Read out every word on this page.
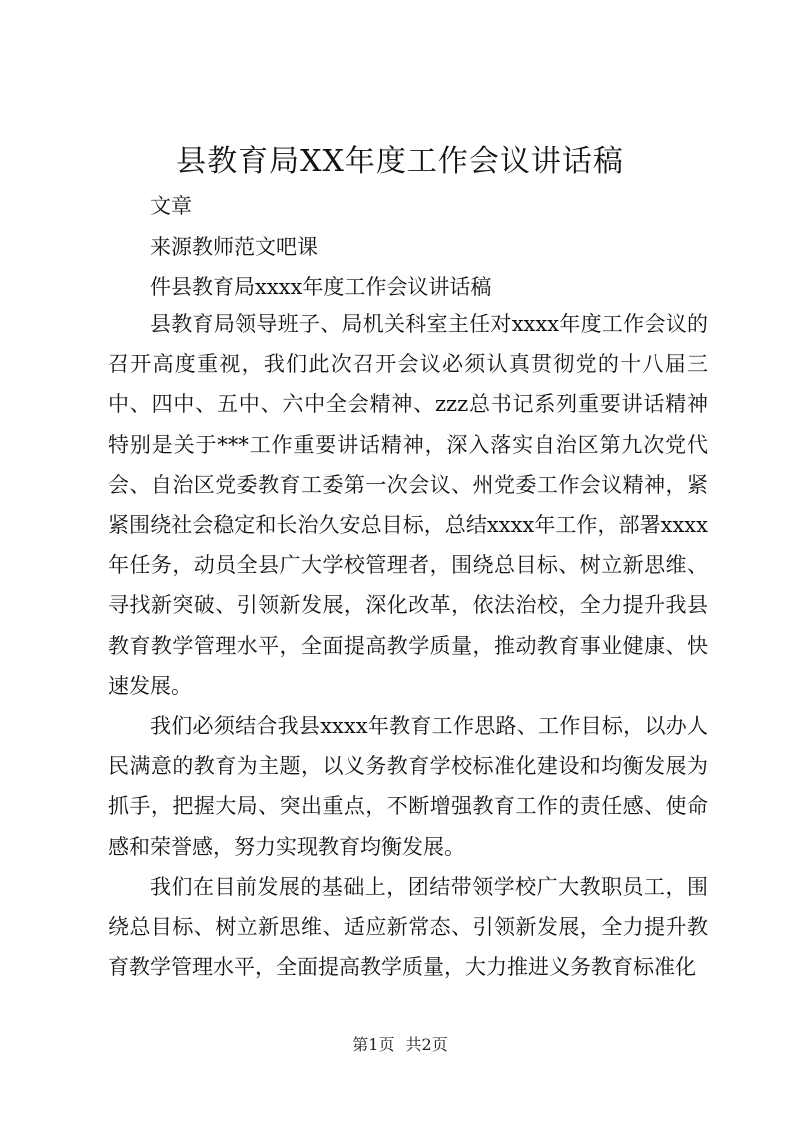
县教育局XX年度工作会议讲话稿
文章
来源教师范文吧课
件县教育局xxxx年度工作会议讲话稿

县教育局领导班子、局机关科室主任对xxxx年度工作会议的召开高度重视，我们此次召开会议必须认真贯彻党的十八届三中、四中、五中、六中全会精神、zzz总书记系列重要讲话精神特别是关于***工作重要讲话精神，深入落实自治区第九次党代会、自治区党委教育工委第一次会议、州党委工作会议精神，紧紧围绕社会稳定和长治久安总目标，总结xxxx年工作，部署xxxx年任务，动员全县广大学校管理者，围绕总目标、树立新思维、寻找新突破、引领新发展，深化改革，依法治校，全力提升我县教育教学管理水平，全面提高教学质量，推动教育事业健康、快速发展。

我们必须结合我县xxxx年教育工作思路、工作目标，以办人民满意的教育为主题，以义务教育学校标准化建设和均衡发展为抓手，把握大局、突出重点，不断增强教育工作的责任感、使命感和荣誉感，努力实现教育均衡发展。

我们在目前发展的基础上，团结带领学校广大教职员工，围绕总目标、树立新思维、适应新常态、引领新发展，全力提升教育教学管理水平，全面提高教学质量，大力推进义务教育标准化

第1页 共2页
